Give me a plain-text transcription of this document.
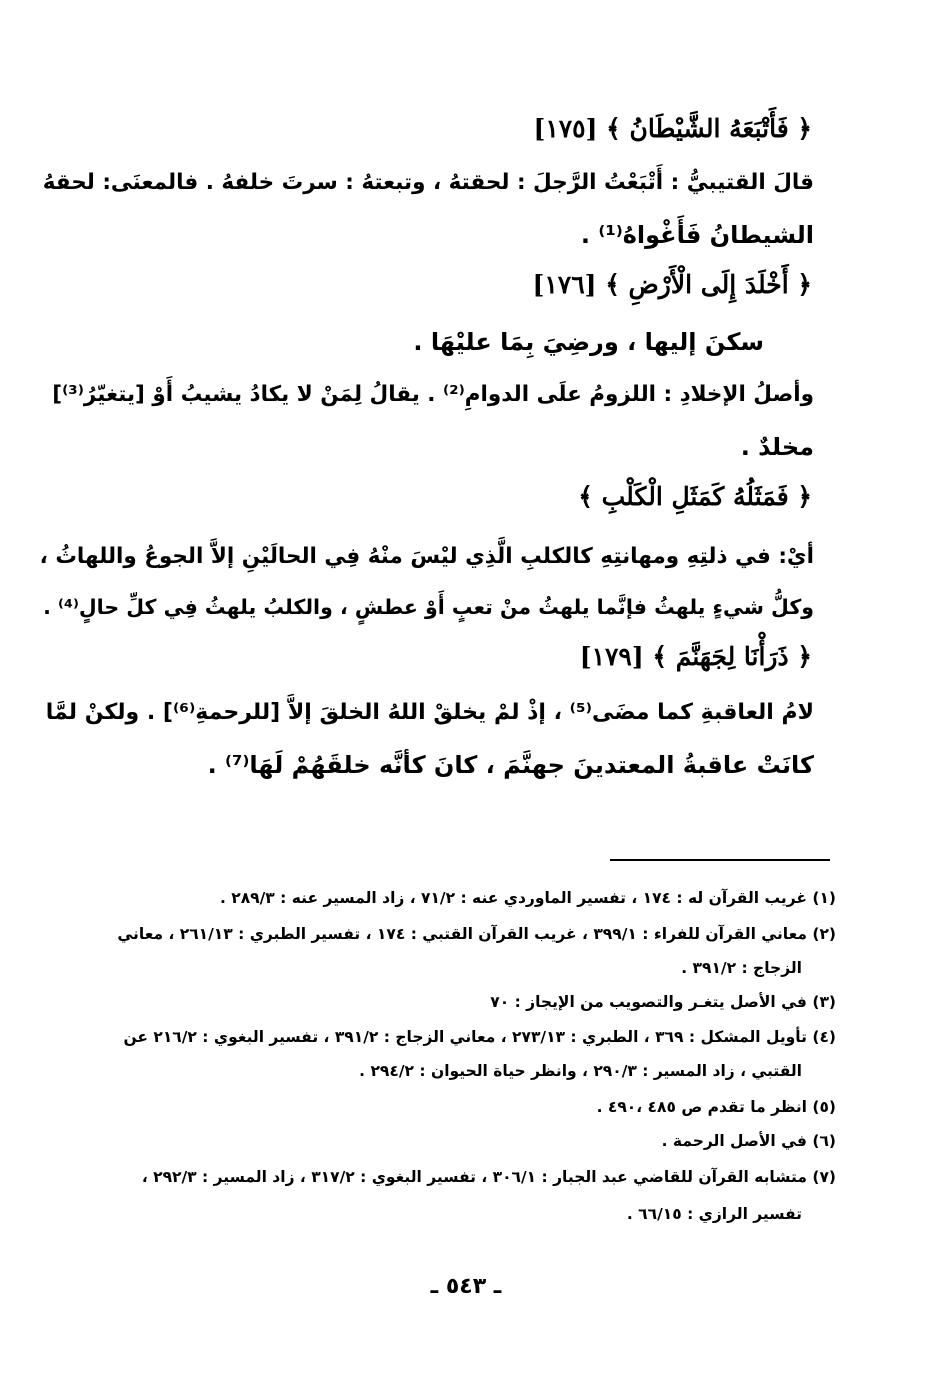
﴿ فَأَتْبَعَهُ الشَّيْطَانُ ﴾ [١٧٥]
قالَ القتيبيُّ : أَتْبَعْتُ الرَّجلَ : لحقتهُ ، وتبعتهُ : سرتَ خلفهُ . فالمعنَى: لحقهُ
الشيطانُ فَأَغْواهُ⁽¹⁾ .
﴿ أَخْلَدَ إِلَى الْأَرْضِ ﴾ [١٧٦]
سكنَ إليها ، ورضِيَ بِمَا عليْهَا .
وأصلُ الإخلادِ : اللزومُ علَى الدوامِ⁽²⁾ . يقالُ لِمَنْ لا يكادُ يشيبُ أَوْ [يتغيّرُ⁽³⁾]
مخلدٌ .
﴿ فَمَثَلُهُ كَمَثَلِ الْكَلْبِ ﴾
أيْ: في ذلتِهِ ومهانتِهِ كالكلبِ الَّذِي ليْسَ منْهُ فِي الحالَيْنِ إلاَّ الجوعُ واللهاثُ ،
وكلُّ شيءٍ يلهثُ فإنَّما يلهثُ منْ تعبٍ أَوْ عطشٍ ، والكلبُ يلهثُ فِي كلِّ حالٍ⁽⁴⁾ .
﴿ ذَرَأْنَا لِجَهَنَّمَ ﴾ [١٧٩]
لامُ العاقبةِ كما مضَى⁽⁵⁾ ، إذْ لمْ يخلقْ اللهُ الخلقَ إلاَّ [للرحمةِ⁽⁶⁾] . ولكنْ لمَّا
كانَتْ عاقبةُ المعتدينَ جهنَّمَ ، كانَ كأنَّه خلقَهُمْ لَهَا⁽⁷⁾ .
(١) غريب القرآن له : ١٧٤ ، تفسير الماوردي عنه : ٧١/٢ ، زاد المسير عنه : ٢٨٩/٣ .
(٢) معاني القرآن للفراء : ٣٩٩/١ ، غريب القرآن القتبي : ١٧٤ ، تفسير الطبري : ٢٦١/١٣ ، معاني
الزجاج : ٣٩١/٢ .
(٣) في الأصل يتغـر والتصويب من الإيجاز : ٧٠
(٤) تأويل المشكل : ٣٦٩ ، الطبري : ٢٧٣/١٣ ، معاني الزجاج : ٣٩١/٢ ، تفسير البغوي : ٢١٦/٢ عن
القتبي ، زاد المسير : ٢٩٠/٣ ، وانظر حياة الحيوان : ٢٩٤/٢ .
(٥) انظر ما تقدم ص ٤٨٥ ،٤٩٠ .
(٦) في الأصل الرحمة .
(٧) متشابه القرآن للقاضي عبد الجبار : ٣٠٦/١ ، تفسير البغوي : ٣١٧/٢ ، زاد المسير : ٢٩٢/٣ ،
تفسير الرازي : ٦٦/١٥ .
ـ ٥٤٣ ـ
